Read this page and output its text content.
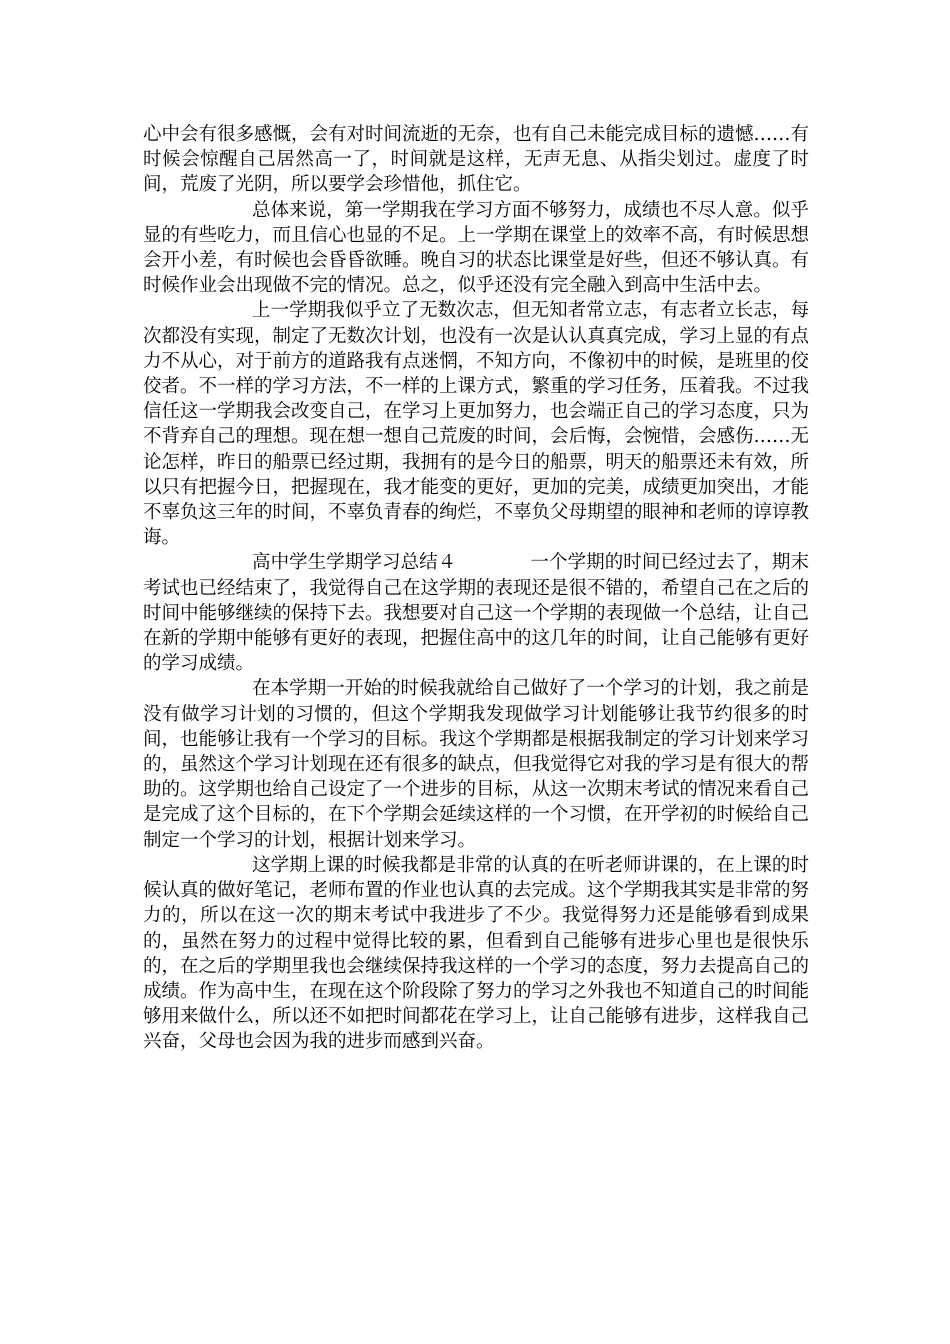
心中会有很多感慨，会有对时间流逝的无奈，也有自己未能完成目标的遗憾……有时候会惊醒自己居然高一了，时间就是这样，无声无息、从指尖划过。虚度了时间，荒废了光阴，所以要学会珍惜他，抓住它。

总体来说，第一学期我在学习方面不够努力，成绩也不尽人意。似乎显的有些吃力，而且信心也显的不足。上一学期在课堂上的效率不高，有时候思想会开小差，有时候也会昏昏欲睡。晚自习的状态比课堂是好些，但还不够认真。有时候作业会出现做不完的情况。总之，似乎还没有完全融入到高中生活中去。

上一学期我似乎立了无数次志，但无知者常立志，有志者立长志，每次都没有实现，制定了无数次计划，也没有一次是认认真真完成，学习上显的有点力不从心，对于前方的道路我有点迷惘，不知方向，不像初中的时候，是班里的佼佼者。不一样的学习方法，不一样的上课方式，繁重的学习任务，压着我。不过我信任这一学期我会改变自己，在学习上更加努力，也会端正自己的学习态度，只为不背弃自己的理想。现在想一想自己荒废的时间，会后悔，会惋惜，会感伤……无论怎样，昨日的船票已经过期，我拥有的是今日的船票，明天的船票还未有效，所以只有把握今日，把握现在，我才能变的更好，更加的完美，成绩更加突出，才能不辜负这三年的时间，不辜负青春的绚烂，不辜负父母期望的眼神和老师的谆谆教诲。

高中学生学期学习总结４	一个学期的时间已经过去了，期末考试也已经结束了，我觉得自己在这学期的表现还是很不错的，希望自己在之后的时间中能够继续的保持下去。我想要对自己这一个学期的表现做一个总结，让自己在新的学期中能够有更好的表现，把握住高中的这几年的时间，让自己能够有更好的学习成绩。

在本学期一开始的时候我就给自己做好了一个学习的计划，我之前是没有做学习计划的习惯的，但这个学期我发现做学习计划能够让我节约很多的时间，也能够让我有一个学习的目标。我这个学期都是根据我制定的学习计划来学习的，虽然这个学习计划现在还有很多的缺点，但我觉得它对我的学习是有很大的帮助的。这学期也给自己设定了一个进步的目标，从这一次期末考试的情况来看自己是完成了这个目标的，在下个学期会延续这样的一个习惯，在开学初的时候给自己制定一个学习的计划，根据计划来学习。

这学期上课的时候我都是非常的认真的在听老师讲课的，在上课的时候认真的做好笔记，老师布置的作业也认真的去完成。这个学期我其实是非常的努力的，所以在这一次的期末考试中我进步了不少。我觉得努力还是能够看到成果的，虽然在努力的过程中觉得比较的累，但看到自己能够有进步心里也是很快乐的，在之后的学期里我也会继续保持我这样的一个学习的态度，努力去提高自己的成绩。作为高中生，在现在这个阶段除了努力的学习之外我也不知道自己的时间能够用来做什么，所以还不如把时间都花在学习上，让自己能够有进步，这样我自己兴奋，父母也会因为我的进步而感到兴奋。
